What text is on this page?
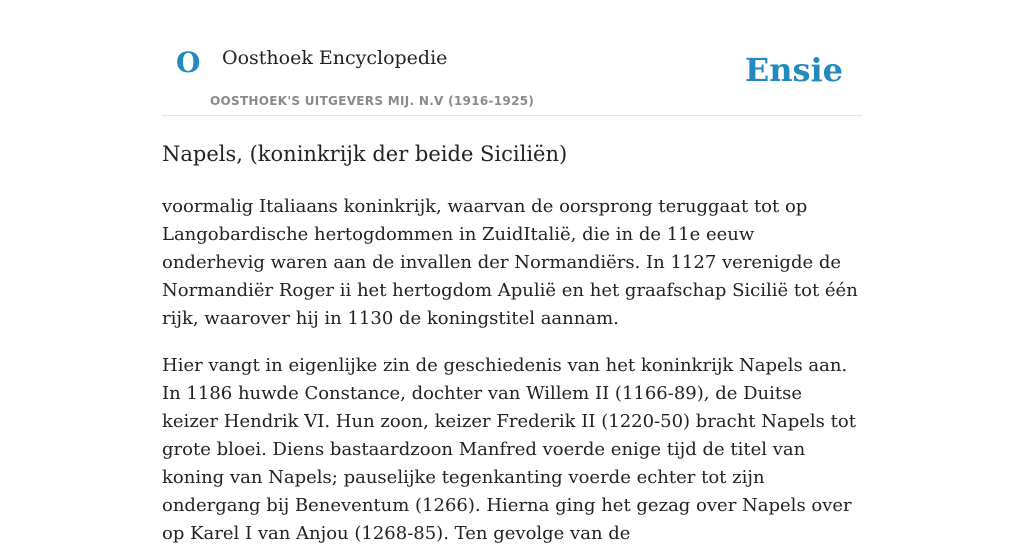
O Oosthoek Encyclopedie
OOSTHOEK'S UITGEVERS MIJ. N.V (1916-1925)
Ensie
Napels, (koninkrijk der beide Siciliën)

voormalig Italiaans koninkrijk, waarvan de oorsprong teruggaat tot op Langobardische hertogdommen in ZuidItalië, die in de 11e eeuw onderhevig waren aan de invallen der Normandiërs. In 1127 verenigde de Normandiër Roger ii het hertogdom Apulië en het graafschap Sicilië tot één rijk, waarover hij in 1130 de koningstitel aannam.

Hier vangt in eigenlijke zin de geschiedenis van het koninkrijk Napels aan. In 1186 huwde Constance, dochter van Willem II (1166-89), de Duitse keizer Hendrik VI. Hun zoon, keizer Frederik II (1220-50) bracht Napels tot grote bloei. Diens bastaardzoon Manfred voerde enige tijd de titel van koning van Napels; pauselijke tegenkanting voerde echter tot zijn ondergang bij Beneventum (1266). Hierna ging het gezag over Napels over op Karel I van Anjou (1268-85). Ten gevolge van de
